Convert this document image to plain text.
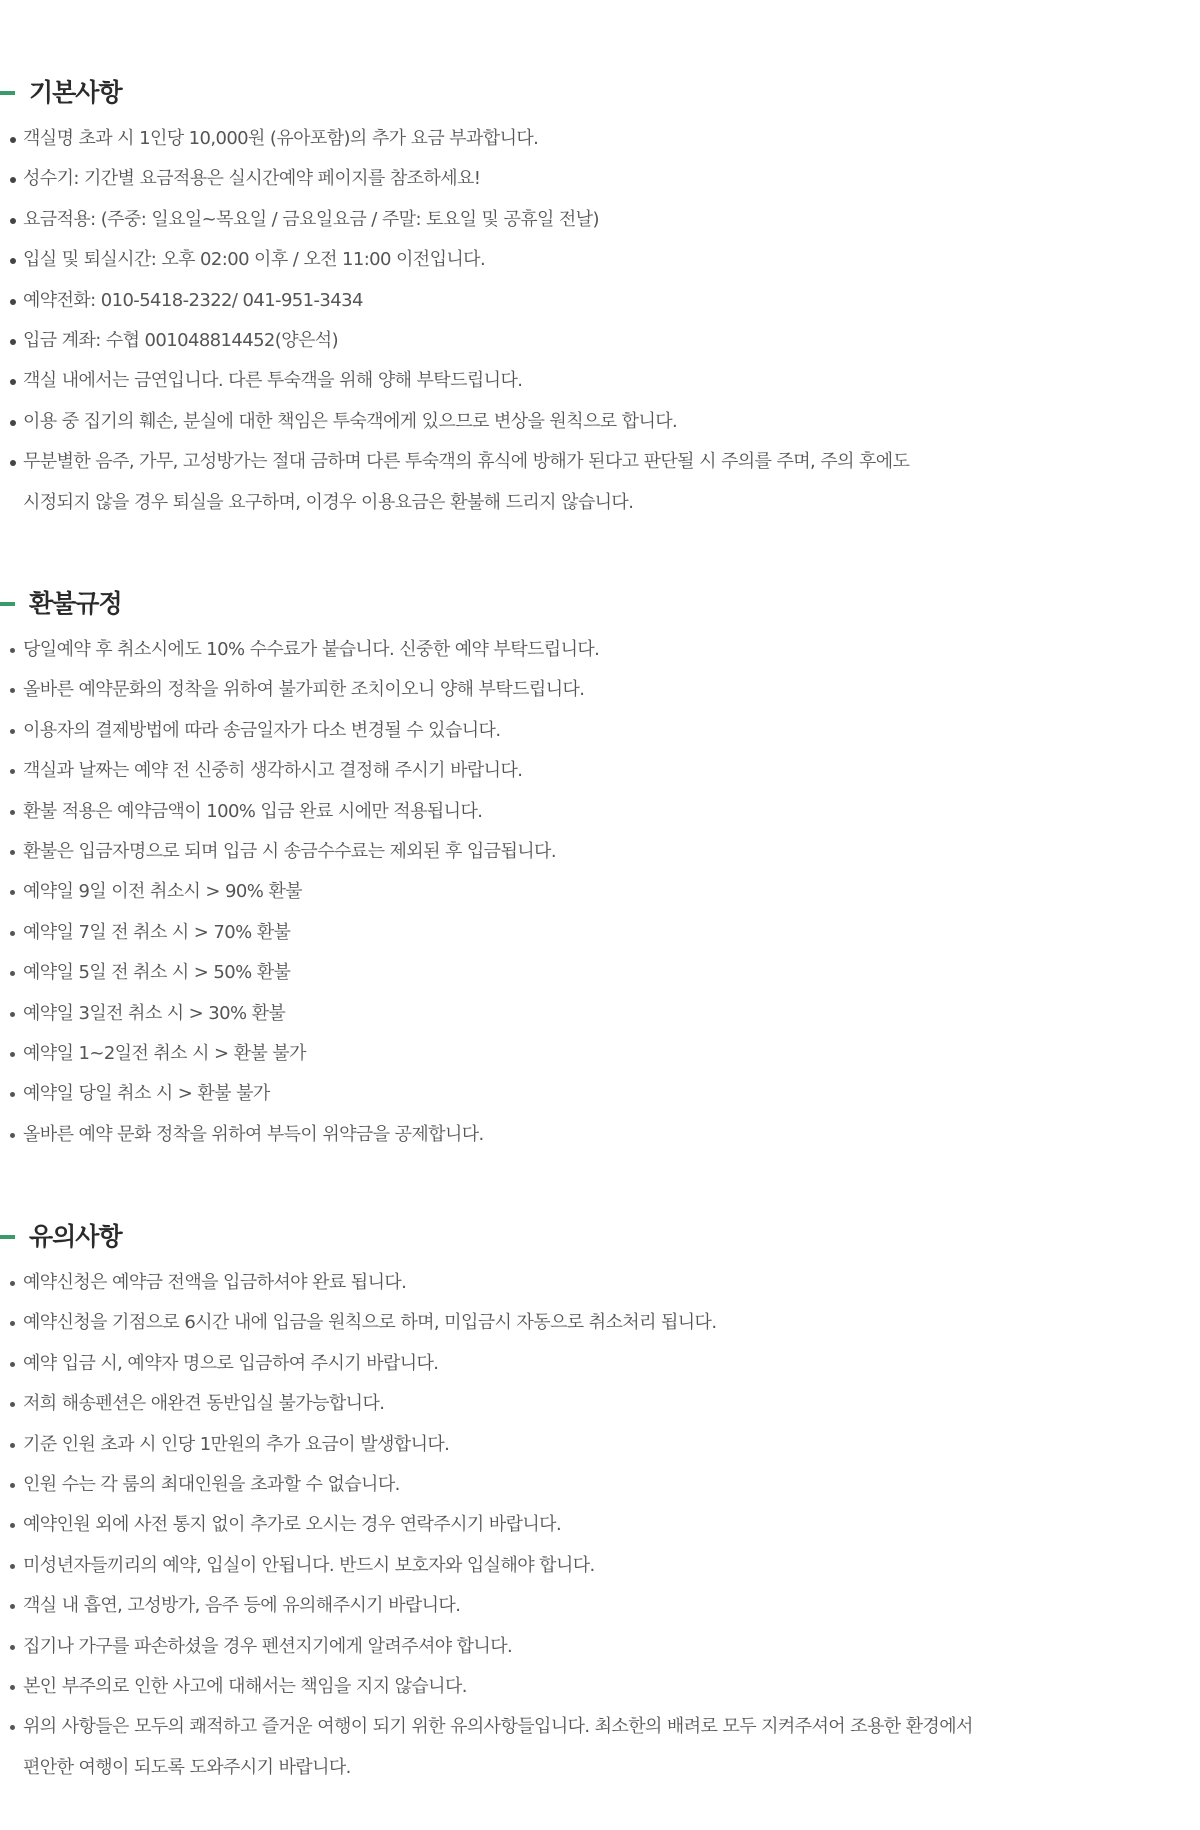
기본사항
객실명 초과 시 1인당 10,000원 (유아포함)의 추가 요금 부과합니다.
성수기: 기간별 요금적용은 실시간예약 페이지를 참조하세요!
요금적용: (주중: 일요일~목요일 / 금요일요금 / 주말: 토요일 및 공휴일 전날)
입실 및 퇴실시간: 오후 02:00 이후 / 오전 11:00 이전입니다.
예약전화: 010-5418-2322/ 041-951-3434
입금 계좌: 수협 001048814452(양은석)
객실 내에서는 금연입니다. 다른 투숙객을 위해 양해 부탁드립니다.
이용 중 집기의 훼손, 분실에 대한 책임은 투숙객에게 있으므로 변상을 원칙으로 합니다.
무분별한 음주, 가무, 고성방가는 절대 금하며 다른 투숙객의 휴식에 방해가 된다고 판단될 시 주의를 주며, 주의 후에도
시정되지 않을 경우 퇴실을 요구하며, 이경우 이용요금은 환불해 드리지 않습니다.
환불규정
당일예약 후 취소시에도 10% 수수료가 붙습니다. 신중한 예약 부탁드립니다.
올바른 예약문화의 정착을 위하여 불가피한 조치이오니 양해 부탁드립니다.
이용자의 결제방법에 따라 송금일자가 다소 변경될 수 있습니다.
객실과 날짜는 예약 전 신중히 생각하시고 결정해 주시기 바랍니다.
환불 적용은 예약금액이 100% 입금 완료 시에만 적용됩니다.
환불은 입금자명으로 되며 입금 시 송금수수료는 제외된 후 입금됩니다.
예약일 9일 이전 취소시 > 90% 환불
예약일 7일 전 취소 시 > 70% 환불
예약일 5일 전 취소 시 > 50% 환불
예약일 3일전 취소 시 > 30% 환불
예약일 1~2일전 취소 시 > 환불 불가
예약일 당일 취소 시 > 환불 불가
올바른 예약 문화 정착을 위하여 부득이 위약금을 공제합니다.
유의사항
예약신청은 예약금 전액을 입금하셔야 완료 됩니다.
예약신청을 기점으로 6시간 내에 입금을 원칙으로 하며, 미입금시 자동으로 취소처리 됩니다.
예약 입금 시, 예약자 명으로 입금하여 주시기 바랍니다.
저희 해송펜션은 애완견 동반입실 불가능합니다.
기준 인원 초과 시 인당 1만원의 추가 요금이 발생합니다.
인원 수는 각 룸의 최대인원을 초과할 수 없습니다.
예약인원 외에 사전 통지 없이 추가로 오시는 경우 연락주시기 바랍니다.
미성년자들끼리의 예약, 입실이 안됩니다. 반드시 보호자와 입실해야 합니다.
객실 내 흡연, 고성방가, 음주 등에 유의해주시기 바랍니다.
집기나 가구를 파손하셨을 경우 펜션지기에게 알려주셔야 합니다.
본인 부주의로 인한 사고에 대해서는 책임을 지지 않습니다.
위의 사항들은 모두의 쾌적하고 즐거운 여행이 되기 위한 유의사항들입니다. 최소한의 배려로 모두 지켜주셔어 조용한 환경에서
편안한 여행이 되도록 도와주시기 바랍니다.
